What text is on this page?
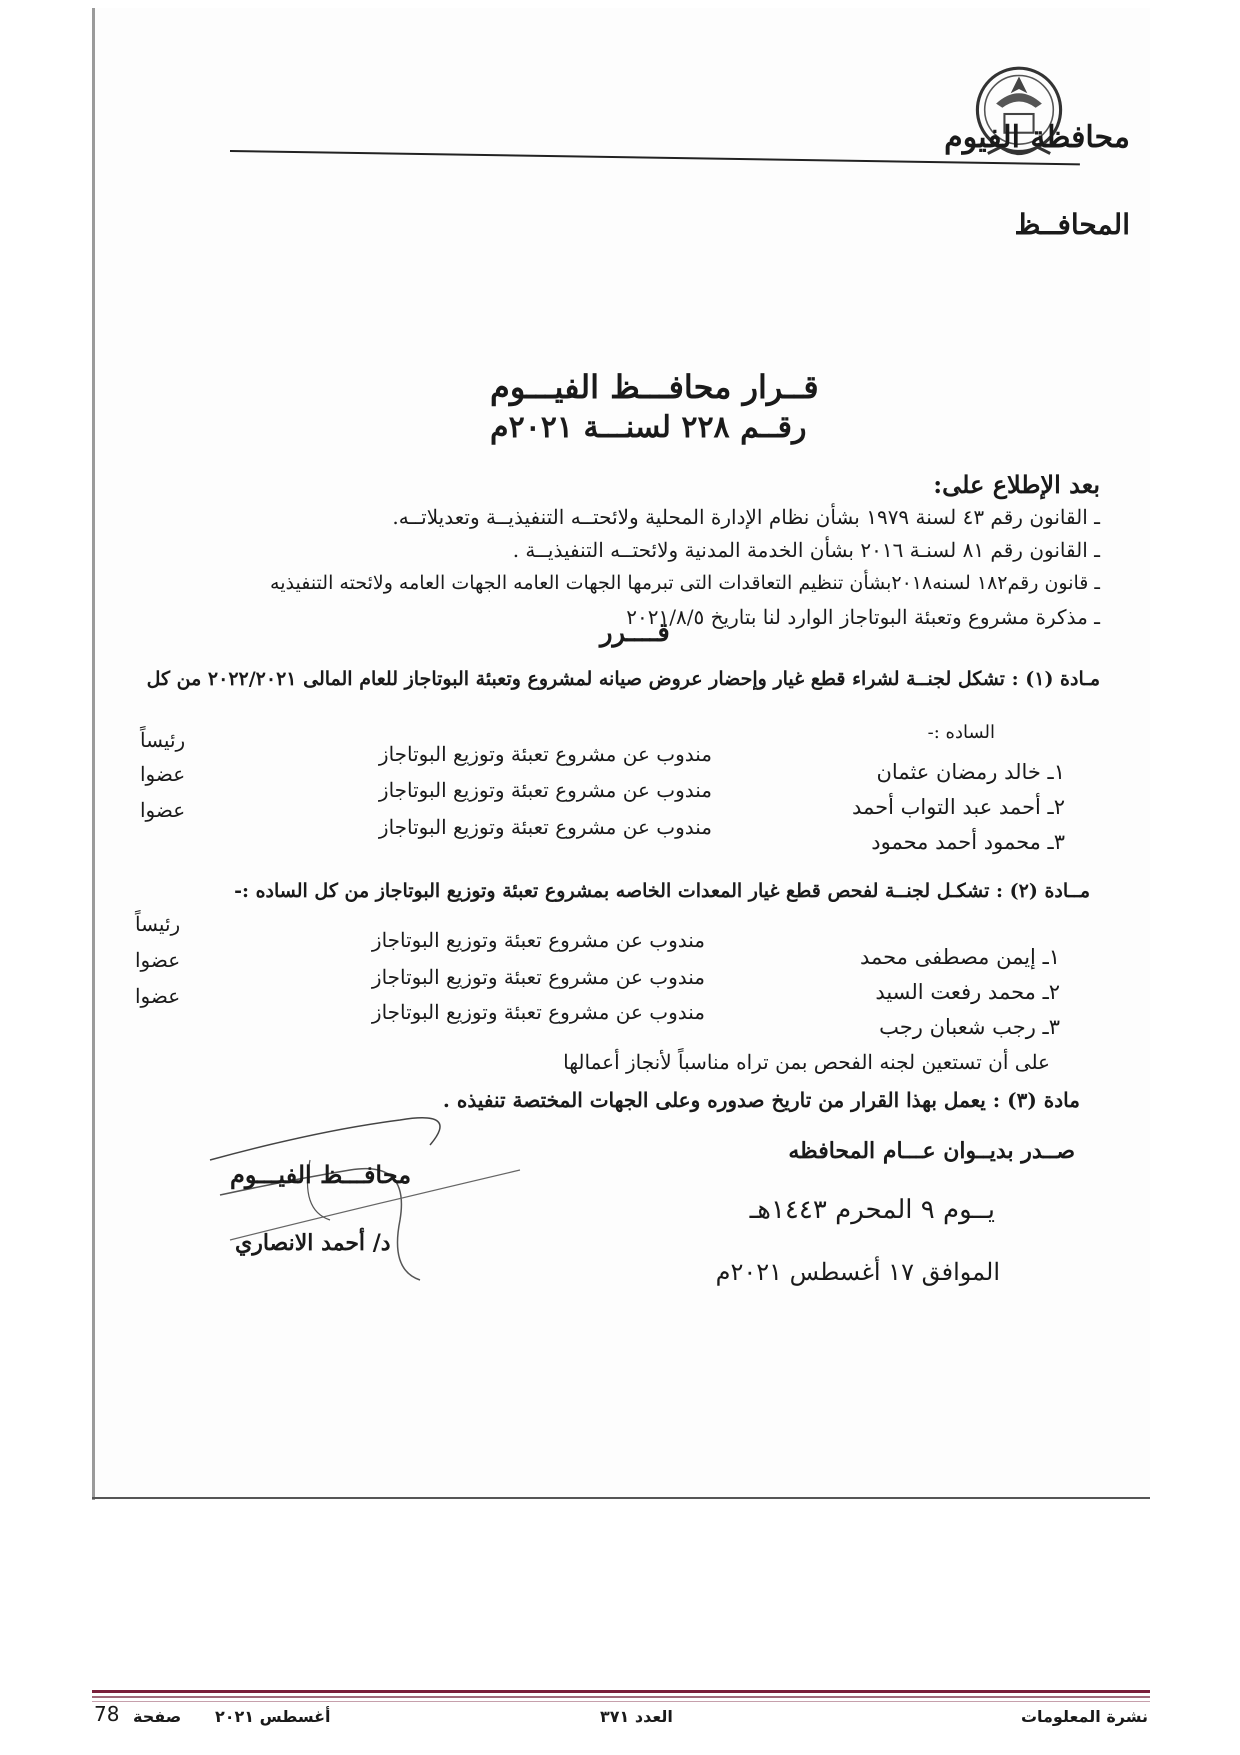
محافظة الفيوم
المحافــظ
قــرار محافـــظ الفيـــوم
رقــم ٢٢٨ لسنـــة ٢٠٢١م
بعد الإطلاع على:
ـ القانون رقم ٤٣ لسنة ١٩٧٩ بشأن نظام الإدارة المحلية ولائحتــه التنفيذيــة وتعديلاتــه.
ـ القانون رقم ٨١ لسنـة ٢٠١٦ بشأن الخدمة المدنية ولائحتــه التنفيذيــة .
ـ قانون رقم١٨٢ لسنه٢٠١٨بشأن تنظيم التعاقدات التى تبرمها الجهات العامه الجهات العامه ولائحته التنفيذيه
ـ مذكرة مشروع وتعبئة البوتاجاز الوارد لنا بتاريخ ٢٠٢١/٨/٥
قــــرر
مـادة (١) : تشكل لجنــة لشراء قطع غيار وإحضار عروض صيانه لمشروع وتعبئة البوتاجاز للعام المالى ٢٠٢٢/٢٠٢١ من كل
الساده :-
١ـ خالد رمضان عثمان
مندوب عن مشروع تعبئة وتوزيع البوتاجاز
رئيساً
٢ـ أحمد عبد التواب أحمد
مندوب عن مشروع تعبئة وتوزيع البوتاجاز
عضوا
٣ـ محمود أحمد محمود
مندوب عن مشروع تعبئة وتوزيع البوتاجاز
عضوا
مــادة (٢) : تشكـل لجنــة لفحص قطع غيار المعدات الخاصه بمشروع تعبئة وتوزيع البوتاجاز من كل الساده :-
١ـ إيمن مصطفى محمد
مندوب عن مشروع تعبئة وتوزيع البوتاجاز
رئيساً
٢ـ محمد رفعت السيد
مندوب عن مشروع تعبئة وتوزيع البوتاجاز
عضوا
٣ـ رجب شعبان رجب
مندوب عن مشروع تعبئة وتوزيع البوتاجاز
عضوا
على أن تستعين لجنه الفحص بمن تراه مناسباً لأنجاز أعمالها
مادة (٣) : يعمل بهذا القرار من تاريخ صدوره وعلى الجهات المختصة تنفيذه .
صــدر بديــوان عـــام المحافظه
يــوم ٩ المحرم ١٤٤٣هـ
الموافق ١٧ أغسطس ٢٠٢١م
محافـــظ الفيـــوم
د/ أحمد الانصاري
نشرة المعلومات
العدد ٣٧١
أغسطس ٢٠٢١
صفحة
78
